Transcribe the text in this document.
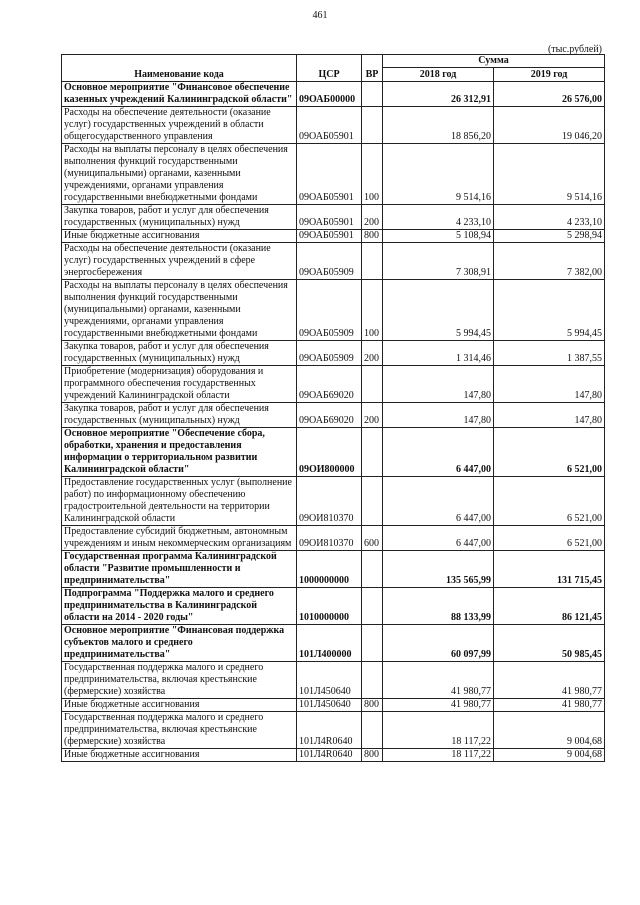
461
(тыс.рублей)
Наименование кода	ЦСР	ВР	Сумма	
			2018 год	2019 год
Основное мероприятие "Финансовое обеспечение казенных учреждений Калининградской области"	09ОАБ00000		26 312,91	26 576,00
Расходы на обеспечение деятельности (оказание услуг) государственных учреждений в области общегосударственного управления	09ОАБ05901		18 856,20	19 046,20
Расходы на выплаты персоналу в целях обеспечения выполнения функций государственными (муниципальными) органами, казенными учреждениями, органами управления государственными внебюджетными фондами	09ОАБ05901	100	9 514,16	9 514,16
Закупка товаров, работ и услуг для обеспечения государственных (муниципальных) нужд	09ОАБ05901	200	4 233,10	4 233,10
Иные бюджетные ассигнования	09ОАБ05901	800	5 108,94	5 298,94
Расходы на обеспечение деятельности (оказание услуг) государственных учреждений в сфере энергосбережения	09ОАБ05909		7 308,91	7 382,00
Расходы на выплаты персоналу в целях обеспечения выполнения функций государственными (муниципальными) органами, казенными учреждениями, органами управления государственными внебюджетными фондами	09ОАБ05909	100	5 994,45	5 994,45
Закупка товаров, работ и услуг для обеспечения государственных (муниципальных) нужд	09ОАБ05909	200	1 314,46	1 387,55
Приобретение (модернизация) оборудования и программного обеспечения государственных учреждений Калининградской области	09ОАБ69020		147,80	147,80
Закупка товаров, работ и услуг для обеспечения государственных (муниципальных) нужд	09ОАБ69020	200	147,80	147,80
Основное мероприятие "Обеспечение сбора, обработки, хранения и предоставления информации о территориальном развитии Калининградской области"	09ОИ800000		6 447,00	6 521,00
Предоставление государственных услуг (выполнение работ) по информационному обеспечению градостроительной деятельности на территории Калининградской области	09ОИ810370		6 447,00	6 521,00
Предоставление субсидий бюджетным, автономным учреждениям и иным некоммерческим организациям	09ОИ810370	600	6 447,00	6 521,00
Государственная программа Калининградской области "Развитие промышленности и предпринимательства"	1000000000		135 565,99	131 715,45
Подпрограмма "Поддержка малого и среднего предпринимательства в Калининградской области на 2014 - 2020 годы"	1010000000		88 133,99	86 121,45
Основное мероприятие "Финансовая поддержка субъектов малого и среднего предпринимательства"	101Л400000		60 097,99	50 985,45
Государственная поддержка малого и среднего предпринимательства, включая крестьянские (фермерские) хозяйства	101Л450640		41 980,77	41 980,77
Иные бюджетные ассигнования	101Л450640	800	41 980,77	41 980,77
Государственная поддержка малого и среднего предпринимательства, включая крестьянские (фермерские) хозяйства	101Л4R0640		18 117,22	9 004,68
Иные бюджетные ассигнования	101Л4R0640	800	18 117,22	9 004,68
